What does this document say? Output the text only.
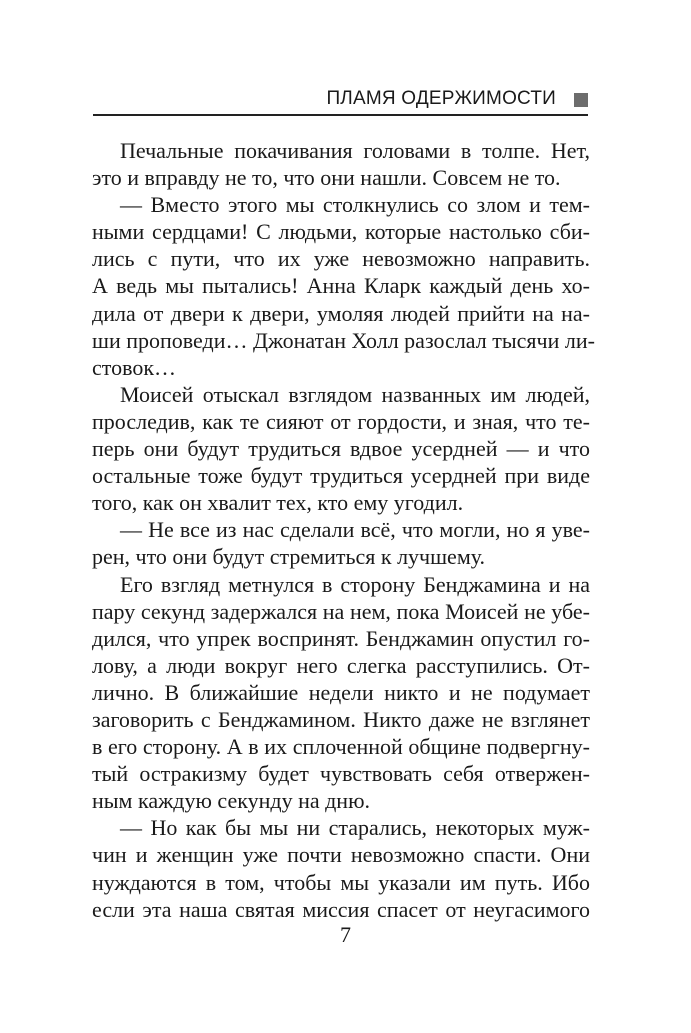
ПЛАМЯ ОДЕРЖИМОСТИ
Печальные покачивания головами в толпе. Нет,
это и вправду не то, что они нашли. Совсем не то.
— Вместо этого мы столкнулись со злом и тем-
ными сердцами! С людьми, которые настолько сби-
лись с пути, что их уже невозможно направить.
А ведь мы пытались! Анна Кларк каждый день хо-
дила от двери к двери, умоляя людей прийти на на-
ши проповеди… Джонатан Холл разослал тысячи ли-
стовок…
Моисей отыскал взглядом названных им людей,
проследив, как те сияют от гордости, и зная, что те-
перь они будут трудиться вдвое усердней — и что
остальные тоже будут трудиться усердней при виде
того, как он хвалит тех, кто ему угодил.
— Не все из нас сделали всё, что могли, но я уве-
рен, что они будут стремиться к лучшему.
Его взгляд метнулся в сторону Бенджамина и на
пару секунд задержался на нем, пока Моисей не убе-
дился, что упрек воспринят. Бенджамин опустил го-
лову, а люди вокруг него слегка расступились. От-
лично. В ближайшие недели никто и не подумает
заговорить с Бенджамином. Никто даже не взглянет
в его сторону. А в их сплоченной общине подвергну-
тый остракизму будет чувствовать себя отвержен-
ным каждую секунду на дню.
— Но как бы мы ни старались, некоторых муж-
чин и женщин уже почти невозможно спасти. Они
нуждаются в том, чтобы мы указали им путь. Ибо
если эта наша святая миссия спасет от неугасимого
7
